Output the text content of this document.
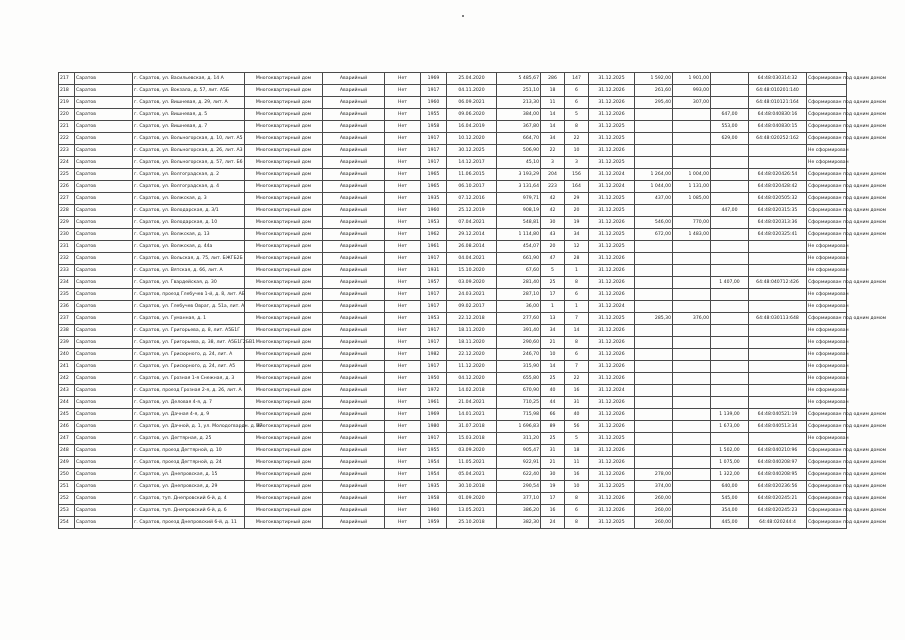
217	Саратов	г. Саратов, ул. Васильевская, д. 14 А	Многоквартирный дом	Аварийный	Нет	1969	25.04.2020	5 485,67	286	147	31.12.2025	1 592,00	1 901,00		64:48:030314:32	Сформирован под одним домом
218	Саратов	г. Саратов, ул. Вокзала, д. 57, лит. А5Б	Многоквартирный дом	Аварийный	Нет	1917	04.11.2020	251,10	18	6	31.12.2026	261,60	993,00		64:48:010201:140	
219	Саратов	г. Саратов, ул. Вишневая, д. 29, лит. А	Многоквартирный дом	Аварийный	Нет	1960	06.09.2021	213,30	11	6	31.12.2026	295,40	307,00		64:48:010121:164	Сформирован под одним домом
220	Саратов	г. Саратов, ул. Вишневая, д. 5	Многоквартирный дом	Аварийный	Нет	1955	09.06.2020	384,00	14	5	31.12.2026			647,00	64:48:040830:16	Сформирован под одним домом
221	Саратов	г. Саратов, ул. Вишневая, д. 7	Многоквартирный дом	Аварийный	Нет	1958	16.04.2019	367,80	14	8	31.12.2025			553,00	64:48:040830:15	Сформирован под одним домом
222	Саратов	г. Саратов, ул. Вольногорская, д. 10, лит. А5	Многоквартирный дом	Аварийный	Нет	1917	10.12.2020	664,70	34	22	31.12.2025			629,00	64:48:020252:162	Сформирован под одним домом
223	Саратов	г. Саратов, ул. Вольногорская, д. 26, лит. А3	Многоквартирный дом	Аварийный	Нет	1917	30.12.2025	506,90	22	10	31.12.2026					Не сформирован
224	Саратов	г. Саратов, ул. Вольногорская, д. 57, лит. Б6	Многоквартирный дом	Аварийный	Нет	1917	14.12.2017	45,10	3	3	31.12.2025					Не сформирован
225	Саратов	г. Саратов, ул. Волгоградская, д. 2	Многоквартирный дом	Аварийный	Нет	1965	11.06.2015	3 193,29	204	156	31.12.2024	1 264,00	1 004,00		64:48:020426:54	Сформирован под одним домом
226	Саратов	г. Саратов, ул. Волгоградская, д. 4	Многоквартирный дом	Аварийный	Нет	1965	06.10.2017	3 131,64	223	164	31.12.2024	1 044,00	1 131,00		64:48:020428:42	Сформирован под одним домом
227	Саратов	г. Саратов, ул. Волжская, д. 3	Многоквартирный дом	Аварийный	Нет	1935	07.12.2016	979,71	42	29	31.12.2025	437,00	1 085,00		64:48:020505:32	Сформирован под одним домом
228	Саратов	г. Саратов, ул. Володарская, д. 3/1	Многоквартирный дом	Аварийный	Нет	1960	25.12.2019	908,19	42	20	31.12.2025			447,00	64:48:020315:35	Сформирован под одним домом
229	Саратов	г. Саратов, ул. Володарская, д. 10	Многоквартирный дом	Аварийный	Нет	1953	07.04.2021	548,81	30	19	31.12.2026	546,00	770,00		64:48:020313:36	Сформирован под одним домом
230	Саратов	г. Саратов, ул. Волжская, д. 13	Многоквартирный дом	Аварийный	Нет	1962	29.12.2014	1 114,80	43	34	31.12.2025	672,00	1 483,00		64:48:020325:41	Сформирован под одним домом
231	Саратов	г. Саратов, ул. Волжская, д. 44а	Многоквартирный дом	Аварийный	Нет	1961	26.08.2014	454,07	20	12	31.12.2025					Не сформирован
232	Саратов	г. Саратов, ул. Вольская, д. 75, лит. БЖГБ2Б	Многоквартирный дом	Аварийный	Нет	1917	04.04.2021	661,90	47	28	31.12.2026					Не сформирован
233	Саратов	г. Саратов, ул. Вятская, д. 66, лит. А	Многоквартирный дом	Аварийный	Нет	1931	15.10.2020	67,60	5	1	31.12.2026					Не сформирован
234	Саратов	г. Саратов, ул. Гвардейская, д. 30	Многоквартирный дом	Аварийный	Нет	1957	03.09.2020	281,40	25	8	31.12.2026			1 407,00	64:48:040712:426	Сформирован под одним домом
235	Саратов	г. Саратов, проезд Глебучев 1-й, д. 8, лит. АБ	Многоквартирный дом	Аварийный	Нет	1917	24.03.2021	287,10	17	6	31.12.2026					Не сформирован
236	Саратов	г. Саратов, ул. Глебучев Овраг, д. 51а, лит. А	Многоквартирный дом	Аварийный	Нет	1917	09.02.2017	36,00	1	1	31.12.2024					Не сформирован
237	Саратов	г. Саратов, ул. Гуманная, д. 1	Многоквартирный дом	Аварийный	Нет	1953	22.12.2018	277,60	13	7	31.12.2025	285,30	376,00		64:48:030113:648	Сформирован под одним домом
238	Саратов	г. Саратов, ул. Григорьева, д. 8, лит. А5Б1Г	Многоквартирный дом	Аварийный	Нет	1917	18.11.2020	391,40	34	14	31.12.2026					Не сформирован
239	Саратов	г. Саратов, ул. Григорьева, д. 38, лит. А5Б1Г2БВ1	Многоквартирный дом	Аварийный	Нет	1917	18.11.2020	290,60	21	8	31.12.2026					Не сформирован
240	Саратов	г. Саратов, ул. Грисюрного, д. 24, лит. А	Многоквартирный дом	Аварийный	Нет	1982	22.12.2020	246,70	10	6	31.12.2026					Не сформирован
241	Саратов	г. Саратов, ул. Грисюрного, д. 24, лит. А5	Многоквартирный дом	Аварийный	Нет	1917	11.12.2020	315,90	14	7	31.12.2026					Не сформирован
242	Саратов	г. Саратов, ул. Грозная 1-я Снежная, д. 3	Многоквартирный дом	Аварийный	Нет	1950	04.12.2020	655,80	25	22	31.12.2026					Не сформирован
243	Саратов	г. Саратов, проезд Грозная 2-я, д. 26, лит. А	Многоквартирный дом	Аварийный	Нет	1972	14.02.2018	670,90	40	16	31.12.2024					Не сформирован
244	Саратов	г. Саратов, ул. Деловая 4-я, д. 7	Многоквартирный дом	Аварийный	Нет	1961	21.04.2021	710,25	44	31	31.12.2026					Не сформирован
245	Саратов	г. Саратов, ул. Дачная 4-я, д. 9	Многоквартирный дом	Аварийный	Нет	1969	14.01.2021	715,98	66	40	31.12.2026			1 139,00	64:48:040521:19	Сформирован под одним домом
246	Саратов	г. Саратов, ул. Дачной, д. 1, ул. Молодогвардн. д. 37	Многоквартирный дом	Аварийный	Нет	1980	31.07.2018	1 696,83	89	56	31.12.2026			1 673,00	64:48:040513:34	Сформирован под одним домом
247	Саратов	г. Саратов, ул. Дегтярная, д. 25	Многоквартирный дом	Аварийный	Нет	1917	15.03.2018	311,20	25	5	31.12.2025					Не сформирован
248	Саратов	г. Саратов, проезд Дегтярной, д. 10	Многоквартирный дом	Аварийный	Нет	1955	03.09.2020	905,47	31	18	31.12.2026			1 502,00	64:48:040210:96	Сформирован под одним домом
249	Саратов	г. Саратов, проезд Дегтярной, д. 24	Многоквартирный дом	Аварийный	Нет	1954	11.05.2021	922,91	21	11	31.12.2026			1 075,00	64:48:040208:97	Сформирован под одним домом
250	Саратов	г. Саратов, ул. Днепровская, д. 15	Многоквартирный дом	Аварийный	Нет	1954	05.04.2021	622,40	30	16	31.12.2026	278,00		1 322,00	64:48:040208:95	Сформирован под одним домом
251	Саратов	г. Саратов, ул. Днепровская, д. 29	Многоквартирный дом	Аварийный	Нет	1935	30.10.2018	290,54	19	10	31.12.2025	374,00		640,00	64:48:020236:56	Сформирован под одним домом
252	Саратов	г. Саратов, туп. Днепровский 6-й, д. 4	Многоквартирный дом	Аварийный	Нет	1958	01.09.2020	377,10	17	8	31.12.2026	260,00		545,00	64:48:020245:21	Сформирован под одним домом
253	Саратов	г. Саратов, туп. Днепровский 6-й, д. 6	Многоквартирный дом	Аварийный	Нет	1960	13.05.2021	386,20	16	6	31.12.2026	260,00		354,00	64:48:020245:23	Сформирован под одним домом
254	Саратов	г. Саратов, проезд Днепровский 6-й, д. 11	Многоквартирный дом	Аварийный	Нет	1959	25.10.2018	382,30	24	8	31.12.2025	260,00		445,00	64:48:020244:4	Сформирован под одним домом
